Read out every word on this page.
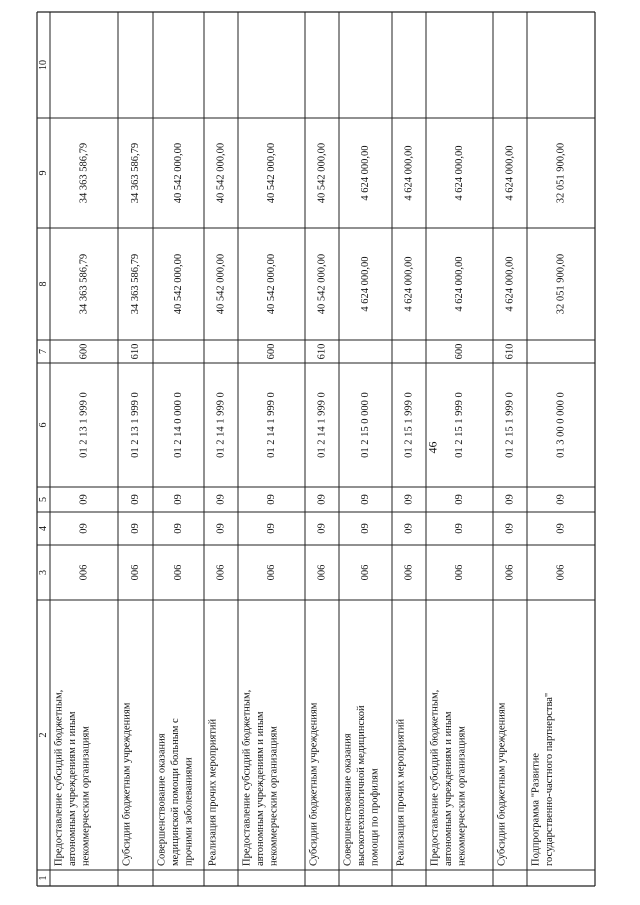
46
1
2
3
4
5
6
7
8
9
10
Предоставление субсидий бюджетным, автономным учреждениям и иным некоммерческим организациям
006
09
09
01 2 13 1 999 0
600
34 363 586,79
34 363 586,79
Субсидии бюджетным учреждениям
006
09
09
01 2 13 1 999 0
610
34 363 586,79
34 363 586,79
Совершенствование оказания медицинской помощи больным с прочими заболеваниями
006
09
09
01 2 14 0 000 0
40 542 000,00
40 542 000,00
Реализация прочих мероприятий
006
09
09
01 2 14 1 999 0
40 542 000,00
40 542 000,00
Предоставление субсидий бюджетным, автономным учреждениям и иным некоммерческим организациям
006
09
09
01 2 14 1 999 0
600
40 542 000,00
40 542 000,00
Субсидии бюджетным учреждениям
006
09
09
01 2 14 1 999 0
610
40 542 000,00
40 542 000,00
Совершенствование оказания высокотехнологичной медицинской помощи по профилям
006
09
09
01 2 15 0 000 0
4 624 000,00
4 624 000,00
Реализация прочих мероприятий
006
09
09
01 2 15 1 999 0
4 624 000,00
4 624 000,00
Предоставление субсидий бюджетным, автономным учреждениям и иным некоммерческим организациям
006
09
09
01 2 15 1 999 0
600
4 624 000,00
4 624 000,00
Субсидии бюджетным учреждениям
006
09
09
01 2 15 1 999 0
610
4 624 000,00
4 624 000,00
Подпрограмма "Развитие государственно-частного партнерства"
006
09
09
01 3 00 0 000 0
32 051 900,00
32 051 900,00
